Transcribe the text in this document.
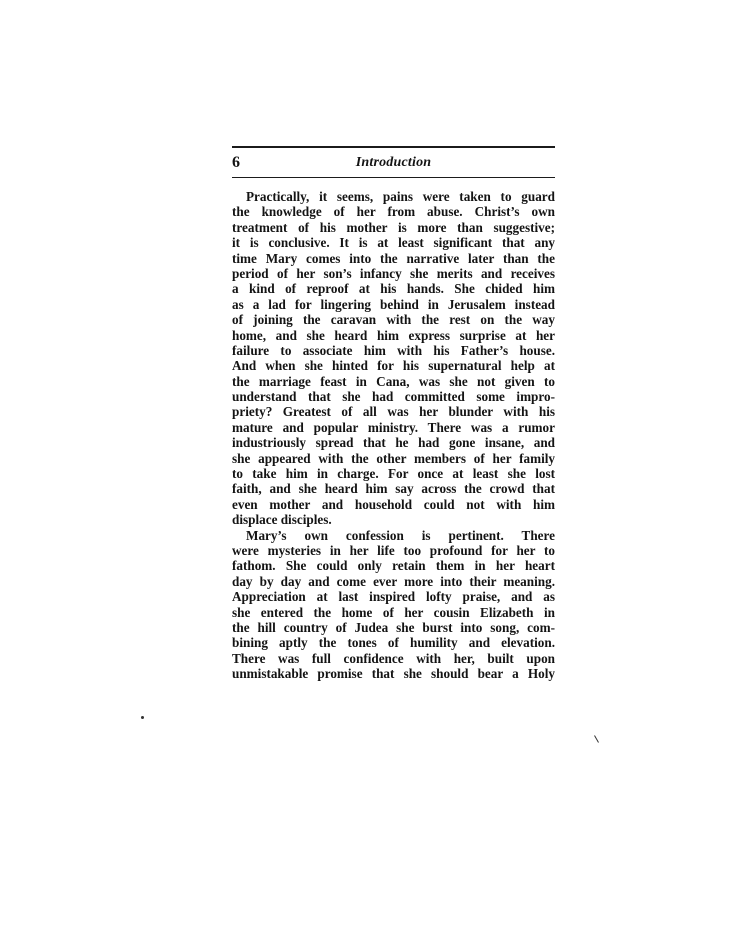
6	Introduction
Practically, it seems, pains were taken to guard
the knowledge of her from abuse. Christ’s own
treatment of his mother is more than suggestive;
it is conclusive. It is at least significant that any
time Mary comes into the narrative later than the
period of her son’s infancy she merits and receives
a kind of reproof at his hands. She chided him
as a lad for lingering behind in Jerusalem instead
of joining the caravan with the rest on the way
home, and she heard him express surprise at her
failure to associate him with his Father’s house.
And when she hinted for his supernatural help at
the marriage feast in Cana, was she not given to
understand that she had committed some impro-
priety? Greatest of all was her blunder with his
mature and popular ministry. There was a rumor
industriously spread that he had gone insane, and
she appeared with the other members of her family
to take him in charge. For once at least she lost
faith, and she heard him say across the crowd that
even mother and household could not with him
displace disciples.
Mary’s own confession is pertinent. There
were mysteries in her life too profound for her to
fathom. She could only retain them in her heart
day by day and come ever more into their meaning.
Appreciation at last inspired lofty praise, and as
she entered the home of her cousin Elizabeth in
the hill country of Judea she burst into song, com-
bining aptly the tones of humility and elevation.
There was full confidence with her, built upon
unmistakable promise that she should bear a Holy
